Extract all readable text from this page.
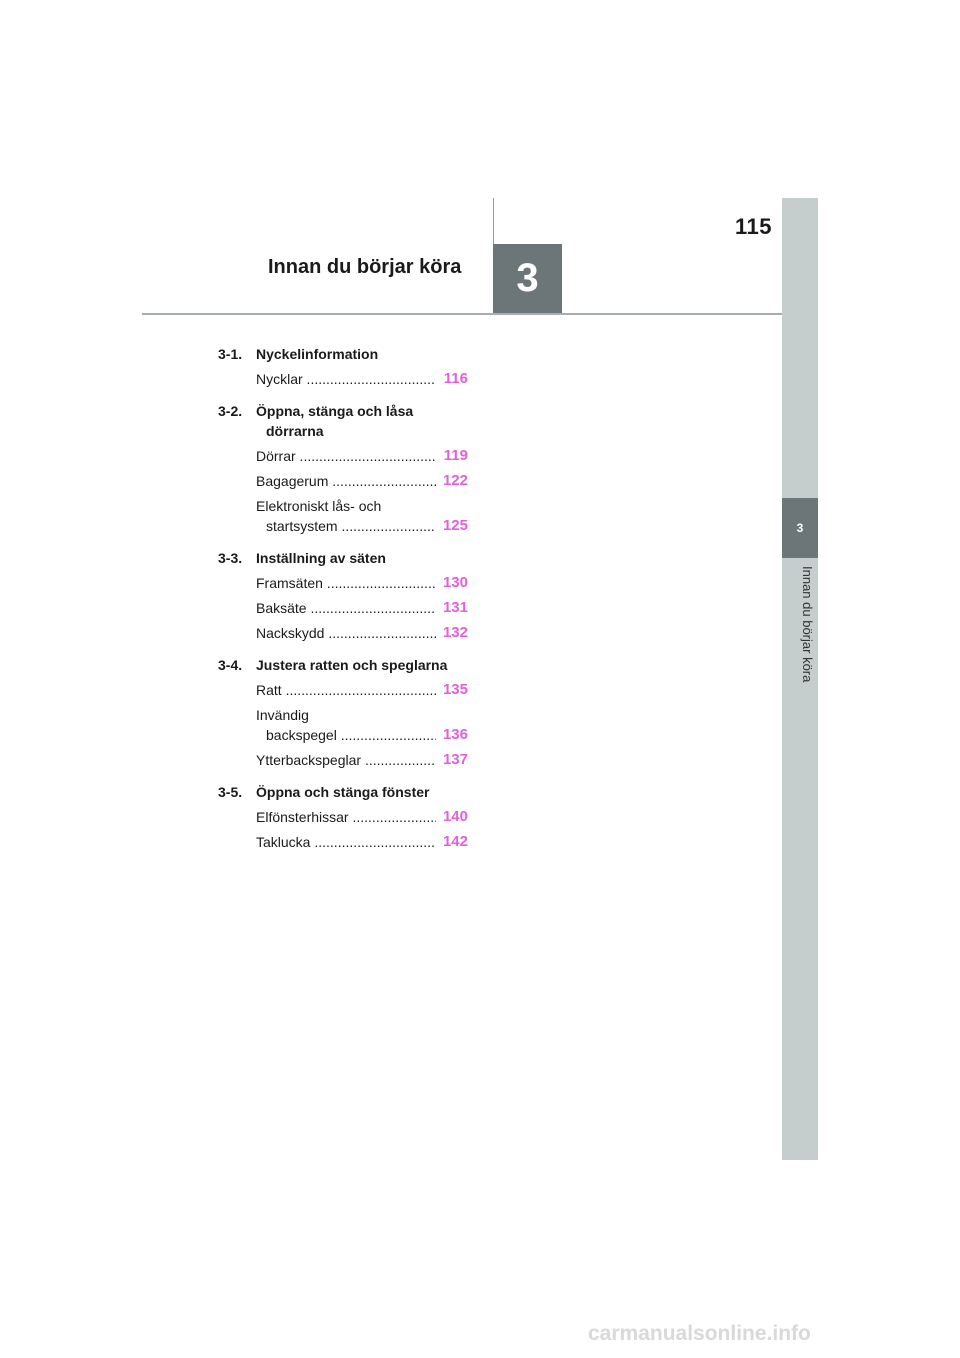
115
Innan du börjar köra	3
3
Innan du börjar köra
3-1. Nyckelinformation
Nycklar .....	116
3-2. Öppna, stänga och låsa dörrarna
Dörrar .....	119
Bagagerum .....	122
Elektroniskt lås- och startsystem .....	125
3-3. Inställning av säten
Framsäten .....	130
Baksäte .....	131
Nackskydd .....	132
3-4. Justera ratten och speglarna
Ratt .....	135
Invändig backspegel .....	136
Ytterbackspeglar .....	137
3-5. Öppna och stänga fönster
Elfönsterhissar .....	140
Taklucka .....	142
carmanualsonline.info
